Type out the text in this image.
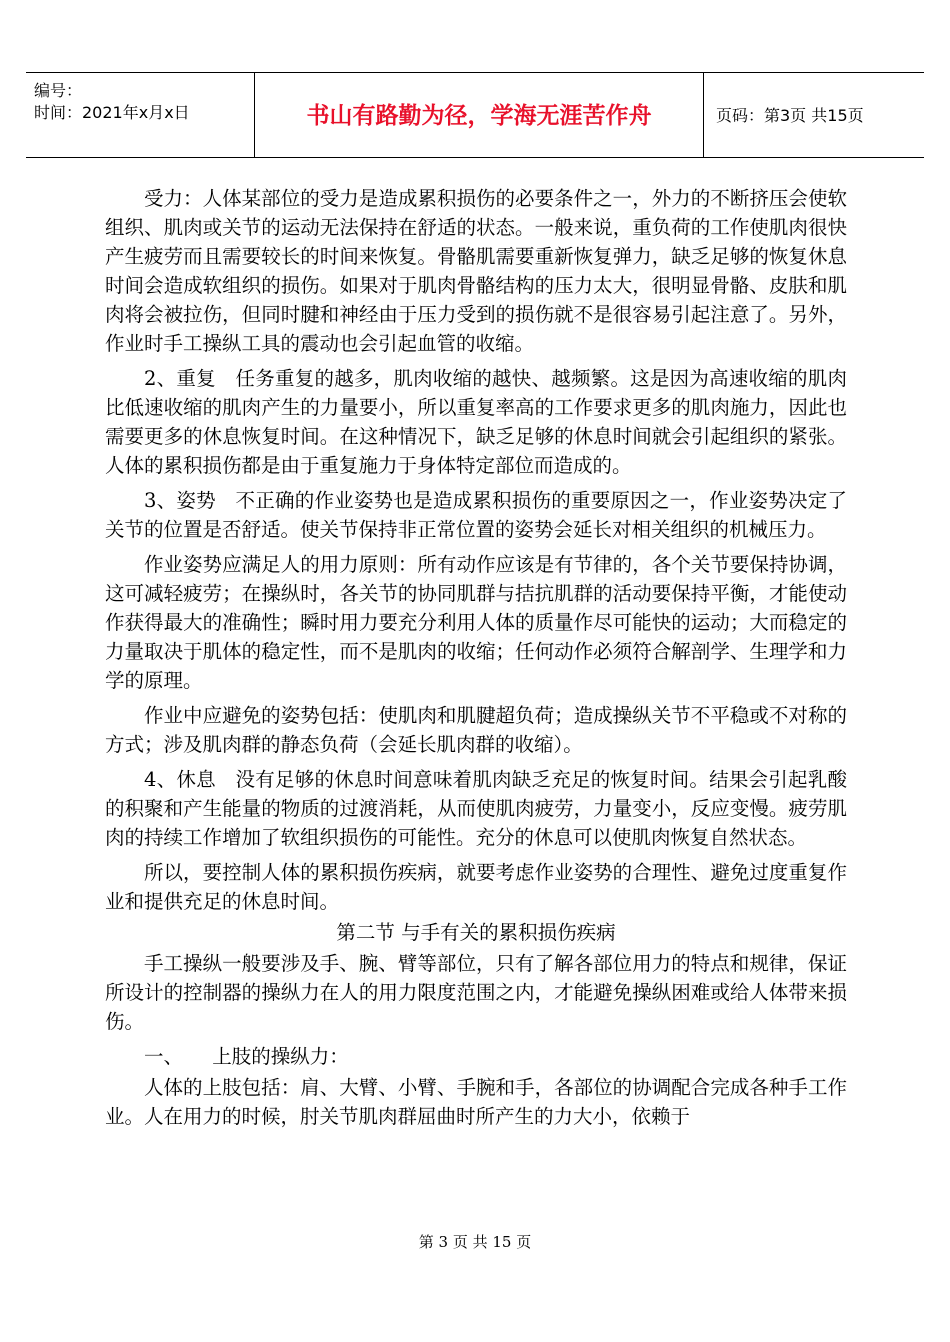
编号：
时间：2021年x月x日	书山有路勤为径，学海无涯苦作舟	页码：第3页 共15页

受力：人体某部位的受力是造成累积损伤的必要条件之一，外力的不断挤压会使软组织、肌肉或关节的运动无法保持在舒适的状态。一般来说，重负荷的工作使肌肉很快产生疲劳而且需要较长的时间来恢复。骨骼肌需要重新恢复弹力，缺乏足够的恢复休息时间会造成软组织的损伤。如果对于肌肉骨骼结构的压力太大，很明显骨骼、皮肤和肌肉将会被拉伤，但同时腱和神经由于压力受到的损伤就不是很容易引起注意了。另外，作业时手工操纵工具的震动也会引起血管的收缩。

2、重复　任务重复的越多，肌肉收缩的越快、越频繁。这是因为高速收缩的肌肉比低速收缩的肌肉产生的力量要小，所以重复率高的工作要求更多的肌肉施力，因此也需要更多的休息恢复时间。在这种情况下，缺乏足够的休息时间就会引起组织的紧张。人体的累积损伤都是由于重复施力于身体特定部位而造成的。

3、姿势　不正确的作业姿势也是造成累积损伤的重要原因之一，作业姿势决定了关节的位置是否舒适。使关节保持非正常位置的姿势会延长对相关组织的机械压力。

作业姿势应满足人的用力原则：所有动作应该是有节律的，各个关节要保持协调，这可减轻疲劳；在操纵时，各关节的协同肌群与拮抗肌群的活动要保持平衡，才能使动作获得最大的准确性；瞬时用力要充分利用人体的质量作尽可能快的运动；大而稳定的力量取决于肌体的稳定性，而不是肌肉的收缩；任何动作必须符合解剖学、生理学和力学的原理。

作业中应避免的姿势包括：使肌肉和肌腱超负荷；造成操纵关节不平稳或不对称的方式；涉及肌肉群的静态负荷（会延长肌肉群的收缩）。

4、休息　没有足够的休息时间意味着肌肉缺乏充足的恢复时间。结果会引起乳酸的积聚和产生能量的物质的过渡消耗，从而使肌肉疲劳，力量变小，反应变慢。疲劳肌肉的持续工作增加了软组织损伤的可能性。充分的休息可以使肌肉恢复自然状态。

所以，要控制人体的累积损伤疾病，就要考虑作业姿势的合理性、避免过度重复作业和提供充足的休息时间。

第二节 与手有关的累积损伤疾病

手工操纵一般要涉及手、腕、臂等部位，只有了解各部位用力的特点和规律，保证所设计的控制器的操纵力在人的用力限度范围之内，才能避免操纵困难或给人体带来损伤。

一、　　上肢的操纵力：

人体的上肢包括：肩、大臂、小臂、手腕和手，各部位的协调配合完成各种手工作业。人在用力的时候，肘关节肌肉群屈曲时所产生的力大小，依赖于

第 3 页 共 15 页
